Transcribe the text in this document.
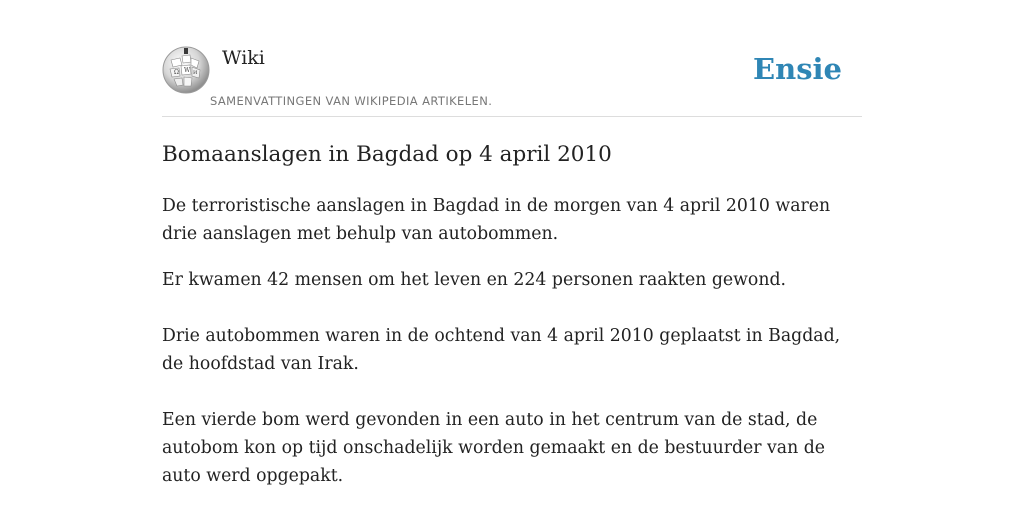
Ω W И
Wiki
SAMENVATTINGEN VAN WIKIPEDIA ARTIKELEN.
Ensie
Bomaanslagen in Bagdad op 4 april 2010

De terroristische aanslagen in Bagdad in de morgen van 4 april 2010 waren drie aanslagen met behulp van autobommen.

Er kwamen 42 mensen om het leven en 224 personen raakten gewond.

Drie autobommen waren in de ochtend van 4 april 2010 geplaatst in Bagdad, de hoofdstad van Irak.

Een vierde bom werd gevonden in een auto in het centrum van de stad, de autobom kon op tijd onschadelijk worden gemaakt en de bestuurder van de auto werd opgepakt.
